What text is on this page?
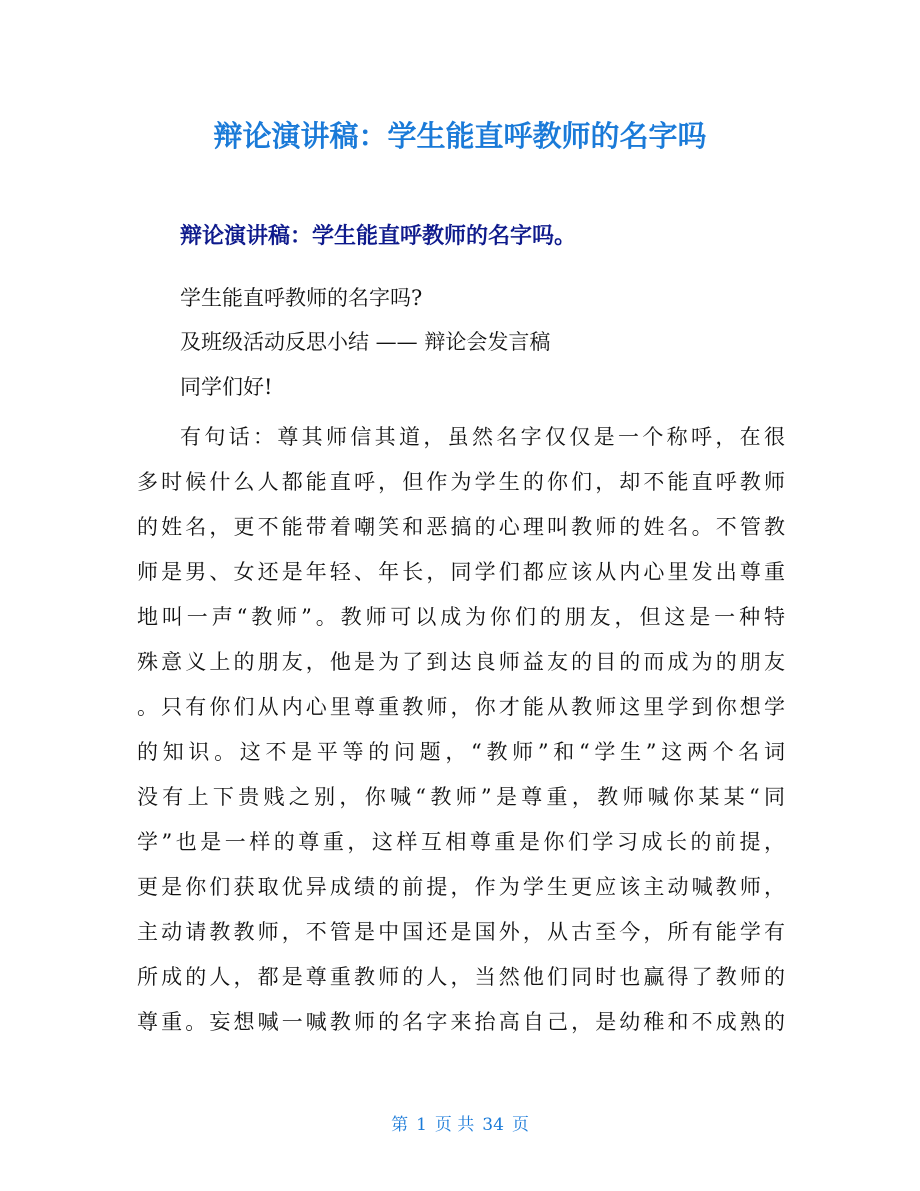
辩论演讲稿：学生能直呼教师的名字吗
辩论演讲稿：学生能直呼教师的名字吗。
学生能直呼教师的名字吗?
及班级活动反思小结 —— 辩论会发言稿
同学们好!
有句话：尊其师信其道，虽然名字仅仅是一个称呼，在很
多时候什么人都能直呼，但作为学生的你们，却不能直呼教师
的姓名，更不能带着嘲笑和恶搞的心理叫教师的姓名。不管教
师是男、女还是年轻、年长，同学们都应该从内心里发出尊重
地叫一声“教师”。教师可以成为你们的朋友，但这是一种特
殊意义上的朋友，他是为了到达良师益友的目的而成为的朋友
。只有你们从内心里尊重教师，你才能从教师这里学到你想学
的知识。这不是平等的问题，“教师”和“学生”这两个名词
没有上下贵贱之别，你喊“教师”是尊重，教师喊你某某“同
学”也是一样的尊重，这样互相尊重是你们学习成长的前提，
更是你们获取优异成绩的前提，作为学生更应该主动喊教师，
主动请教教师，不管是中国还是国外，从古至今，所有能学有
所成的人，都是尊重教师的人，当然他们同时也赢得了教师的
尊重。妄想喊一喊教师的名字来抬高自己，是幼稚和不成熟的
第 1 页 共 34 页
